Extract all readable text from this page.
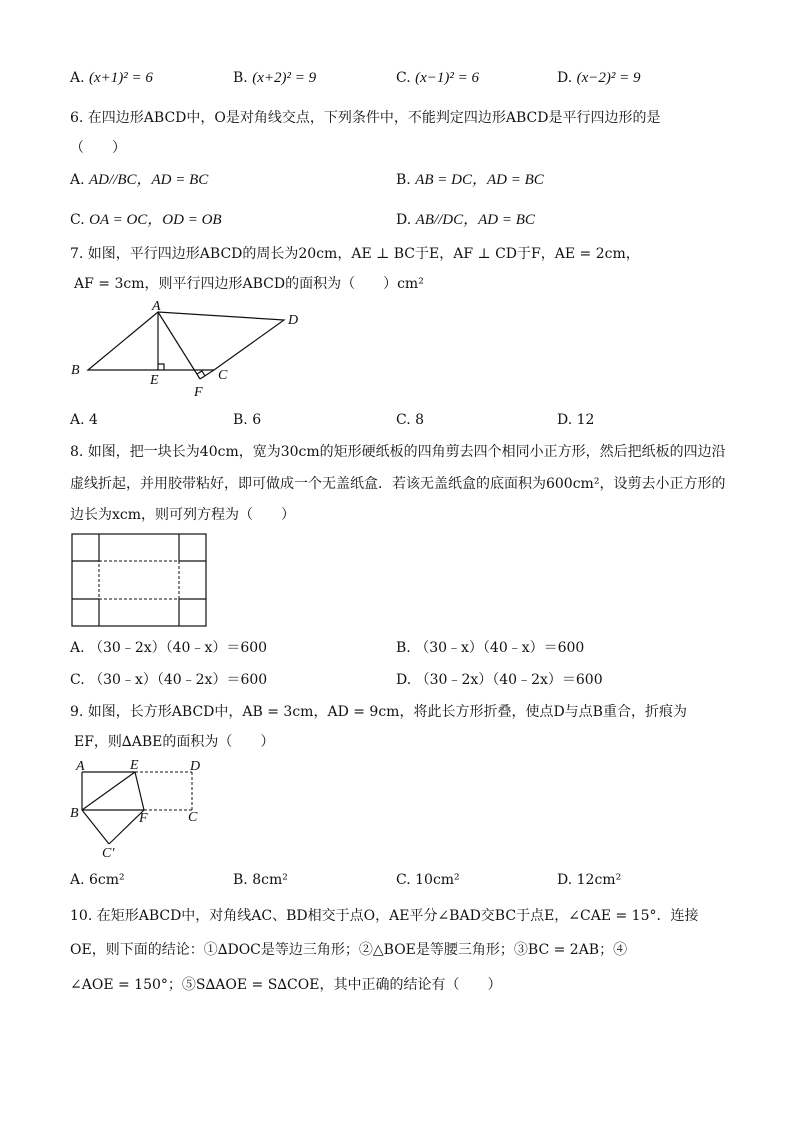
A. (x+1)² = 6	B. (x+2)² = 9	C. (x−1)² = 6	D. (x−2)² = 9
6. 在四边形ABCD中，O是对角线交点，下列条件中，不能判定四边形ABCD是平行四边形的是
（　　）
A. AD//BC，AD = BC	B. AB = DC，AD = BC
C. OA = OC，OD = OB	D. AB//DC，AD = BC
7. 如图，平行四边形ABCD的周长为20cm，AE ⊥ BC于E，AF ⊥ CD于F，AE = 2cm，
AF = 3cm，则平行四边形ABCD的面积为（　　）cm²
A
B	C
D
E
F
A. 4	B. 6	C. 8	D. 12
8. 如图，把一块长为40cm，宽为30cm的矩形硬纸板的四角剪去四个相同小正方形，然后把纸板的四边沿
虚线折起，并用胶带粘好，即可做成一个无盖纸盒．若该无盖纸盒的底面积为600cm²，设剪去小正方形的
边长为xcm，则可列方程为（　　）
A. （30﹣2x）（40﹣x）＝600	B. （30﹣x）（40﹣x）＝600
C. （30﹣x）（40﹣2x）＝600	D. （30﹣2x）（40﹣2x）＝600
9. 如图，长方形ABCD中，AB = 3cm，AD = 9cm，将此长方形折叠，使点D与点B重合，折痕为
EF，则∆ABE的面积为（　　）
A	E	D
B	F	C
C′
A. 6cm²	B. 8cm²	C. 10cm²	D. 12cm²
10. 在矩形ABCD中，对角线AC、BD相交于点O，AE平分∠BAD交BC于点E，∠CAE = 15°．连接
OE，则下面的结论：①∆DOC是等边三角形；②△BOE是等腰三角形；③BC = 2AB；④
∠AOE = 150°；⑤S∆AOE = S∆COE，其中正确的结论有（　　）
